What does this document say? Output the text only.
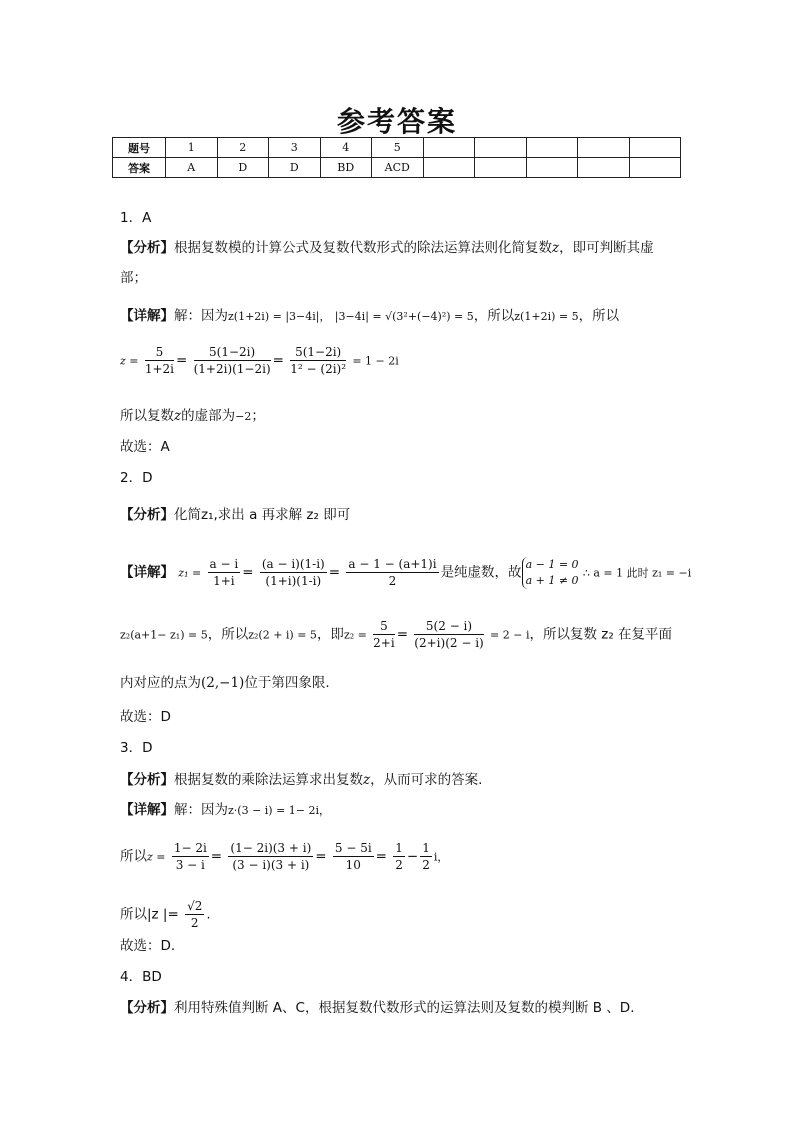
参考答案
题号	1	2	3	4	5					
答案	A	D	D	BD	ACD					
1．A
【分析】根据复数模的计算公式及复数代数形式的除法运算法则化简复数z，即可判断其虚
部；
【详解】解：因为z(1+2i) = |3−4i|， |3−4i| = √(3²+(−4)²) = 5，所以z(1+2i) = 5，所以
$z = \frac{5}{1+2i} = \frac{5(1-2i)}{(1+2i)(1-2i)} = \frac{5(1-2i)}{\text{1² − (2i)²}} = 1 - 2i$
所以复数z的虚部为−2；
故选：A
2．D
【分析】化简z₁,求出 a 再求解 z₂ 即可
【详解】 $z_1 = \frac{a - i}{1+i} = \frac{(a - i)(1-i)}{(1+i)(1-i)} = \frac{a - 1 - (a+1)i}{2}$ 是纯虚数，故
a − 1 = 0
a + 1 ≠ 0
∴ a = 1 此时 z₁ = −i
z₂(a+1− z₁) = 5，所以z₂(2 + i) = 5，即$z_2 = \frac{5}{2+i} = \frac{5(2 - i)}{(2+i)(2 - i)} = 2 - i$，所以复数 z₂ 在复平面
内对应的点为(2,−1)位于第四象限.
故选：D
3．D
【分析】根据复数的乘除法运算求出复数z，从而可求的答案.
【详解】解：因为z·(3 − i) = 1− 2i，
所以$z = \frac{1- 2i}{3 - i} = \frac{(1- 2i)(3 + i)}{(3 - i)(3 + i)} = \frac{5 - 5i}{10} = \frac{1}{2} - \frac{1}{2}$ i，
所以|z |= $\frac{√2}{2}$ .
故选：D.
4．BD
【分析】利用特殊值判断 A、C，根据复数代数形式的运算法则及复数的模判断 B 、D.
